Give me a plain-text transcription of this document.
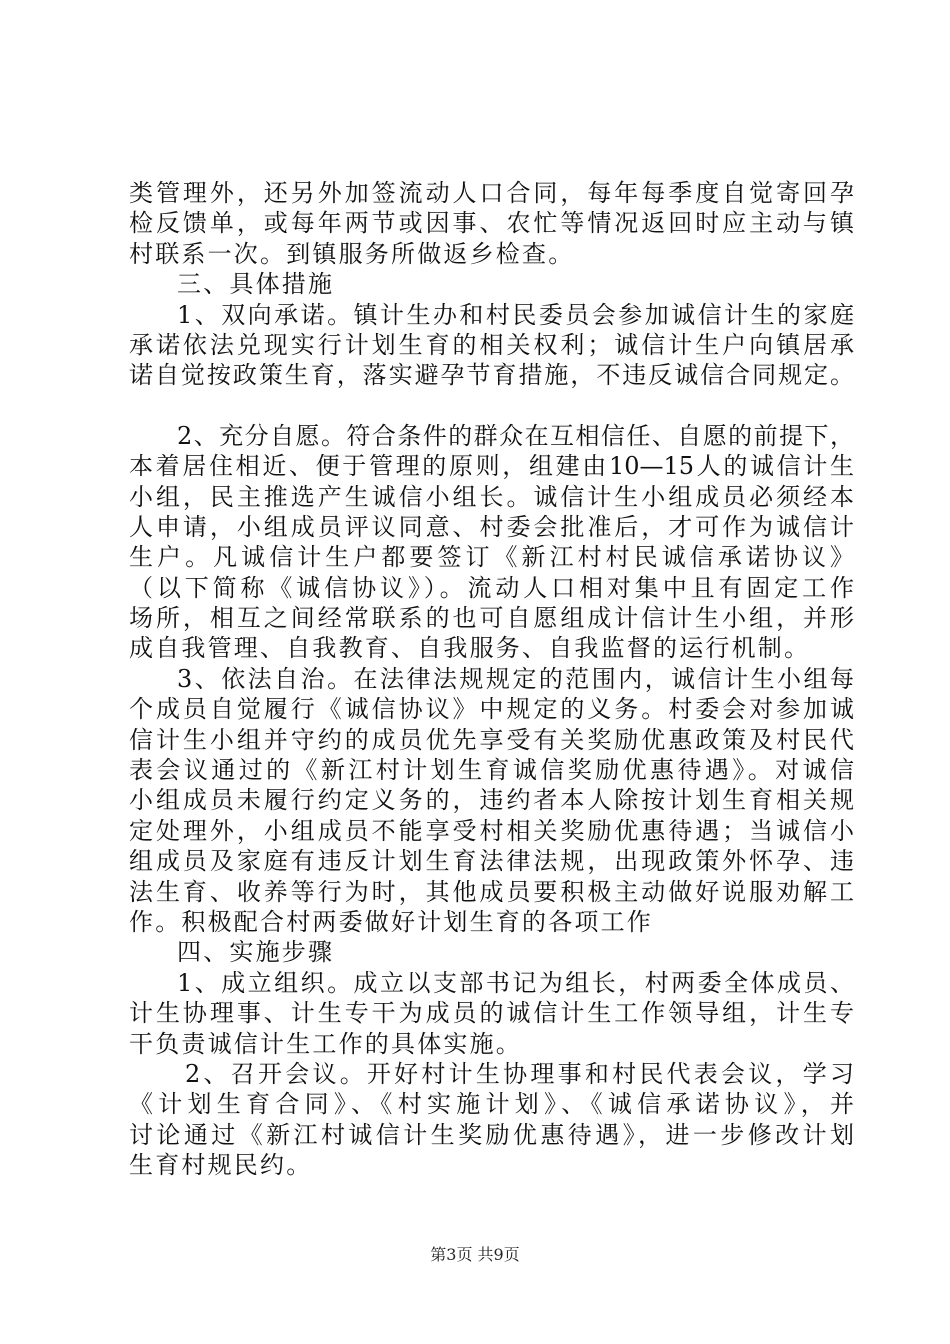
类管理外，还另外加签流动人口合同，每年每季度自觉寄回孕
检反馈单，或每年两节或因事、农忙等情况返回时应主动与镇
村联系一次。到镇服务所做返乡检查。
三、具体措施
1、双向承诺。镇计生办和村民委员会参加诚信计生的家庭
承诺依法兑现实行计划生育的相关权利；诚信计生户向镇居承
诺自觉按政策生育，落实避孕节育措施，不违反诚信合同规定。
2、充分自愿。符合条件的群众在互相信任、自愿的前提下，
本着居住相近、便于管理的原则，组建由10—15人的诚信计生
小组，民主推选产生诚信小组长。诚信计生小组成员必须经本
人申请，小组成员评议同意、村委会批准后，才可作为诚信计
生户。凡诚信计生户都要签订《新江村村民诚信承诺协议》
（以下简称《诚信协议》）。流动人口相对集中且有固定工作
场所，相互之间经常联系的也可自愿组成计信计生小组，并形
成自我管理、自我教育、自我服务、自我监督的运行机制。
3、依法自治。在法律法规规定的范围内，诚信计生小组每
个成员自觉履行《诚信协议》中规定的义务。村委会对参加诚
信计生小组并守约的成员优先享受有关奖励优惠政策及村民代
表会议通过的《新江村计划生育诚信奖励优惠待遇》。对诚信
小组成员未履行约定义务的，违约者本人除按计划生育相关规
定处理外，小组成员不能享受村相关奖励优惠待遇；当诚信小
组成员及家庭有违反计划生育法律法规，出现政策外怀孕、违
法生育、收养等行为时，其他成员要积极主动做好说服劝解工
作。积极配合村两委做好计划生育的各项工作
四、实施步骤
1、成立组织。成立以支部书记为组长，村两委全体成员、
计生协理事、计生专干为成员的诚信计生工作领导组，计生专
干负责诚信计生工作的具体实施。
2、召开会议。开好村计生协理事和村民代表会议，学习
《计划生育合同》、《村实施计划》、《诚信承诺协议》，并
讨论通过《新江村诚信计生奖励优惠待遇》，进一步修改计划
生育村规民约。
第3页 共9页
